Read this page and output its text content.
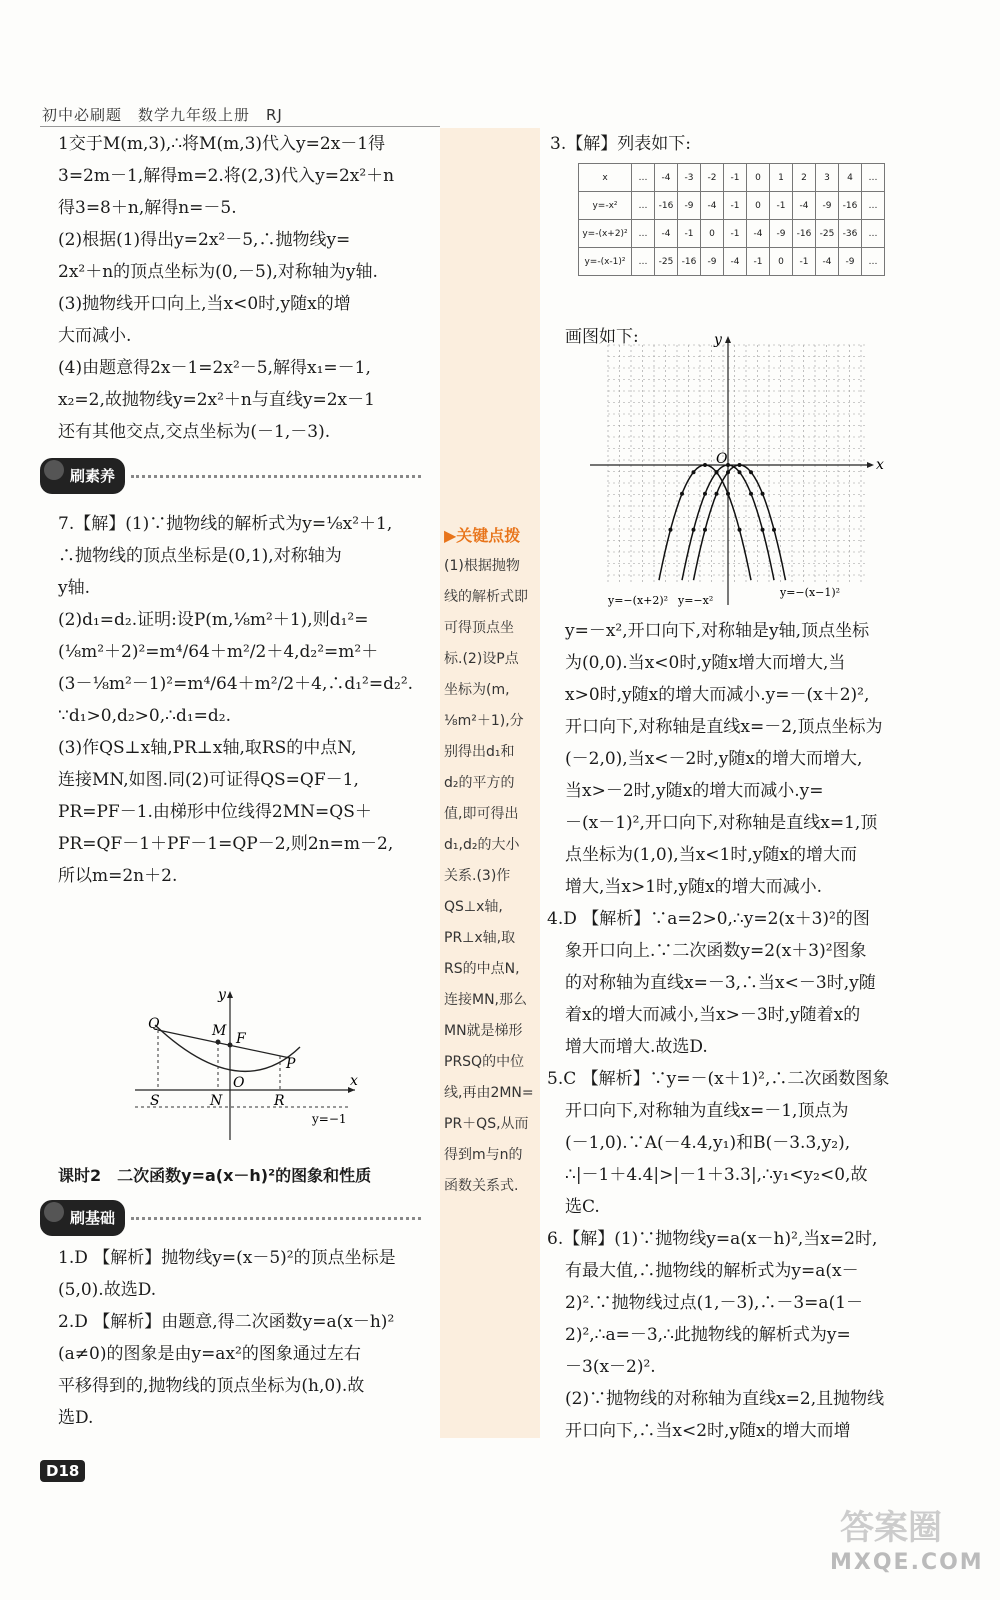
初中必刷题　数学九年级上册　RJ

1交于M(m,3),∴将M(m,3)代入y=2x－1得

3=2m－1,解得m=2.将(2,3)代入y=2x²＋n

得3=8＋n,解得n=－5.

(2)根据(1)得出y=2x²－5,∴抛物线y=

2x²＋n的顶点坐标为(0,－5),对称轴为y轴.

(3)抛物线开口向上,当x<0时,y随x的增

大而减小.

(4)由题意得2x－1=2x²－5,解得x₁=－1,

x₂=2,故抛物线y=2x²＋n与直线y=2x－1

还有其他交点,交点坐标为(－1,－3).

刷素养

7.【解】(1)∵抛物线的解析式为y=⅛x²＋1,

∴抛物线的顶点坐标是(0,1),对称轴为

y轴.

(2)d₁=d₂.证明:设P(m,⅛m²＋1),则d₁²=

(⅛m²＋2)²=m⁴/64＋m²/2＋4,d₂²=m²＋

(3－⅛m²－1)²=m⁴/64＋m²/2＋4,∴d₁²=d₂².

∵d₁>0,d₂>0,∴d₁=d₂.

(3)作QS⊥x轴,PR⊥x轴,取RS的中点N,

连接MN,如图.同(2)可证得QS=QF－1,

PR=PF－1.由梯形中位线得2MN=QS＋

PR=QF－1＋PF－1=QP－2,则2n=m－2,

所以m=2n＋2.

Q	M F
P
O
S	N	R
x
y
y=−1

课时2　二次函数y=a(x－h)²的图象和性质

刷基础

1.D 【解析】抛物线y=(x－5)²的顶点坐标是

(5,0).故选D.

2.D 【解析】由题意,得二次函数y=a(x－h)²

(a≠0)的图象是由y=ax²的图象通过左右

平移得到的,抛物线的顶点坐标为(h,0).故

选D.

▶关键点拨

(1)根据抛物

线的解析式即

可得顶点坐

标.(2)设P点

坐标为(m,

⅛m²＋1),分

别得出d₁和

d₂的平方的

值,即可得出

d₁,d₂的大小

关系.(3)作

QS⊥x轴,

PR⊥x轴,取

RS的中点N,

连接MN,那么

MN就是梯形

PRSQ的中位

线,再由2MN=

PR＋QS,从而

得到m与n的

函数关系式.

3.【解】列表如下:

x	…	-4	-3	-2	-1	0	1	2	3	4	…
y=-x²	…	-16	-9	-4	-1	0	-1	-4	-9	-16	…
y=-(x+2)²	…	-4	-1	0	-1	-4	-9	-16	-25	-36	…
y=-(x-1)²	…	-25	-16	-9	-4	-1	0	-1	-4	-9	…
画图如下:
x
y
O
y=−(x+2)² y=−x²
y=−(x−1)²

y=－x²,开口向下,对称轴是y轴,顶点坐标

为(0,0).当x<0时,y随x增大而增大,当

x>0时,y随x的增大而减小.y=－(x＋2)²,

开口向下,对称轴是直线x=－2,顶点坐标为

(－2,0),当x<－2时,y随x的增大而增大,

当x>－2时,y随x的增大而减小.y=

－(x－1)²,开口向下,对称轴是直线x=1,顶

点坐标为(1,0),当x<1时,y随x的增大而

增大,当x>1时,y随x的增大而减小.

4.D 【解析】∵a=2>0,∴y=2(x＋3)²的图

象开口向上.∵二次函数y=2(x＋3)²图象

的对称轴为直线x=－3,∴当x<－3时,y随

着x的增大而减小,当x>－3时,y随着x的

增大而增大.故选D.

5.C 【解析】∵y=－(x＋1)²,∴二次函数图象

开口向下,对称轴为直线x=－1,顶点为

(－1,0).∵A(－4.4,y₁)和B(－3.3,y₂),

∴|－1＋4.4|>|－1＋3.3|,∴y₁<y₂<0,故

选C.

6.【解】(1)∵抛物线y=a(x－h)²,当x=2时,

有最大值,∴抛物线的解析式为y=a(x－

2)².∵抛物线过点(1,－3),∴－3=a(1－

2)²,∴a=－3,∴此抛物线的解析式为y=

－3(x－2)².

(2)∵抛物线的对称轴为直线x=2,且抛物线

开口向下,∴当x<2时,y随x的增大而增

D18
答案圈
MXQE.COM
